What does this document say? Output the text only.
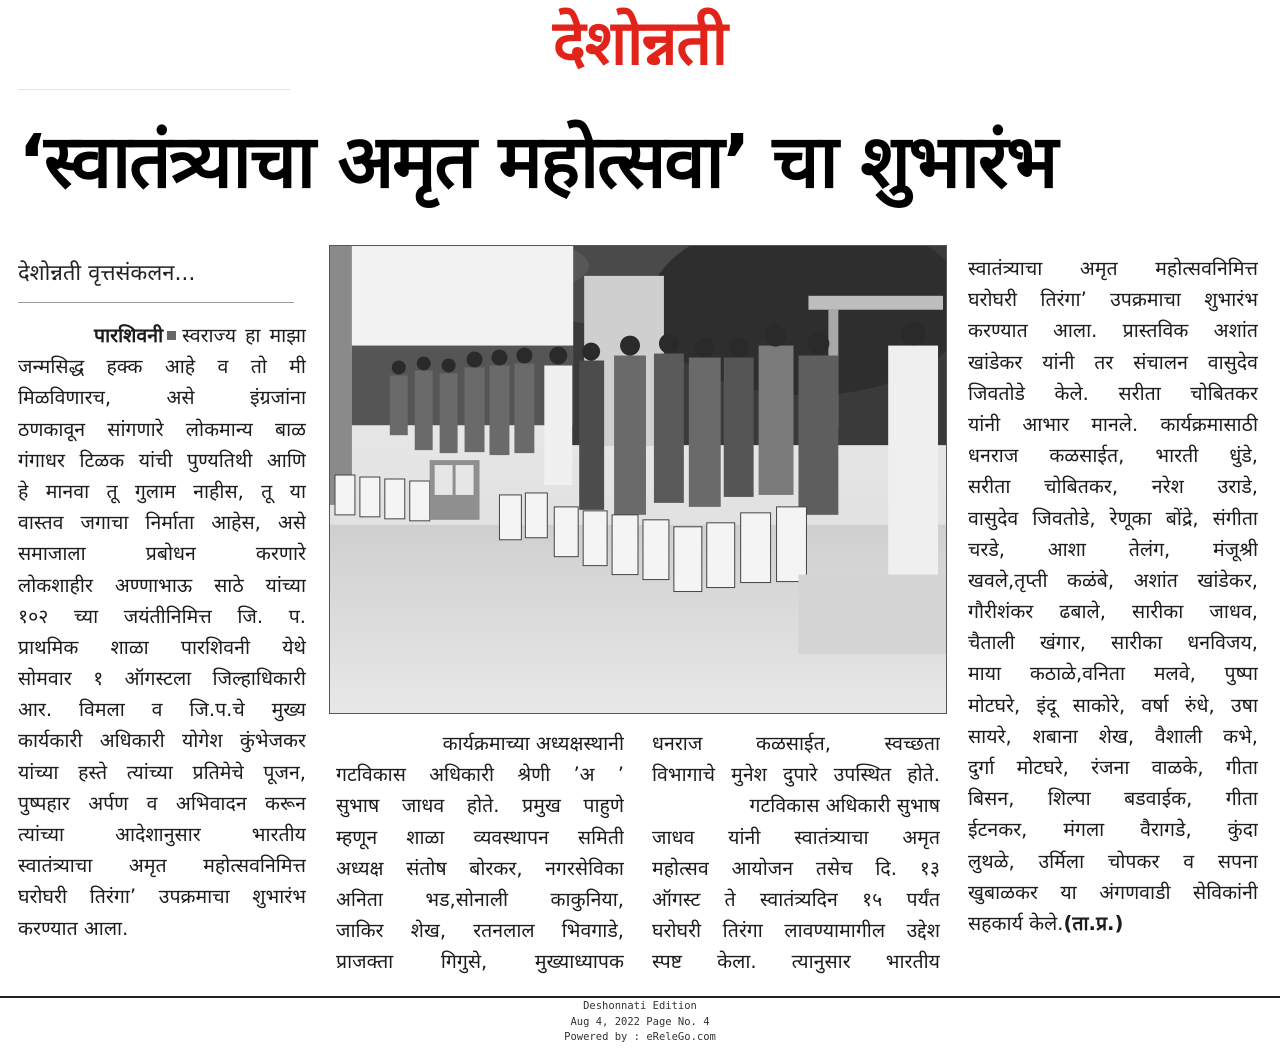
देशोन्नती
‘स्वातंत्र्याचा अमृत महोत्सवा’ चा शुभारंभ
देशोन्नती वृत्तसंकलन...
पारशिवनी स्वराज्य हा माझा
जन्मसिद्ध हक्क आहे व तो मी
मिळविणारच, असे इंग्रजांना
ठणकावून सांगणारे लोकमान्य बाळ
गंगाधर टिळक यांची पुण्यतिथी आणि
हे मानवा तू गुलाम नाहीस, तू या
वास्तव जगाचा निर्माता आहेस, असे
समाजाला प्रबोधन करणारे
लोकशाहीर अण्णाभाऊ साठे यांच्या
१०२ च्या जयंतीनिमित्त जि. प.
प्राथमिक शाळा पारशिवनी येथे
सोमवार १ ऑगस्टला जिल्हाधिकारी
आर. विमला व जि.प.चे मुख्य
कार्यकारी अधिकारी योगेश कुंभेजकर
यांच्या हस्ते त्यांच्या प्रतिमेचे पूजन,
पुष्पहार अर्पण व अभिवादन करून
त्यांच्या आदेशानुसार भारतीय
स्वातंत्र्याचा अमृत महोत्सवनिमित्त
घरोघरी तिरंगा’ उपक्रमाचा शुभारंभ
करण्यात आला.
कार्यक्रमाच्या अध्यक्षस्थानी
गटविकास अधिकारी श्रेणी ’अ ’
सुभाष जाधव होते. प्रमुख पाहुणे
म्हणून शाळा व्यवस्थापन समिती
अध्यक्ष संतोष बोरकर, नगरसेविका
अनिता भड,सोनाली काकुनिया,
जाकिर शेख, रतनलाल भिवगाडे,
प्राजक्ता गिगुसे, मुख्याध्यापक
धनराज कळसाईत, स्वच्छता
विभागाचे मुनेश दुपारे उपस्थित होते.
गटविकास अधिकारी सुभाष
जाधव यांनी स्वातंत्र्याचा अमृत
महोत्सव आयोजन तसेच दि. १३
ऑगस्ट ते स्वातंत्र्यदिन १५ पर्यंत
घरोघरी तिरंगा लावण्यामागील उद्देश
स्पष्ट केला. त्यानुसार भारतीय
स्वातंत्र्याचा अमृत महोत्सवनिमित्त
घरोघरी तिरंगा’ उपक्रमाचा शुभारंभ
करण्यात आला. प्रास्तविक अशांत
खांडेकर यांनी तर संचालन वासुदेव
जिवतोडे केले. सरीता चोबितकर
यांनी आभार मानले. कार्यक्रमासाठी
धनराज कळसाईत, भारती धुंडे,
सरीता चोबितकर, नरेश उराडे,
वासुदेव जिवतोडे, रेणूका बोंद्रे, संगीता
चरडे, आशा तेलंग, मंजूश्री
खवले,तृप्ती कळंबे, अशांत खांडेकर,
गौरीशंकर ढबाले, सारीका जाधव,
चैताली खंगार, सारीका धनविजय,
माया कठाळे,वनिता मलवे, पुष्पा
मोटघरे, इंदू साकोरे, वर्षा रुंधे, उषा
सायरे, शबाना शेख, वैशाली कभे,
दुर्गा मोटघरे, रंजना वाळके, गीता
बिसन, शिल्पा बडवाईक, गीता
ईटनकर, मंगला वैरागडे, कुंदा
लुथळे, उर्मिला चोपकर व सपना
खुबाळकर या अंगणवाडी सेविकांनी
सहकार्य केले.(ता.प्र.)
Deshonnati Edition
Aug 4, 2022 Page No. 4
Powered by : eReleGo.com
